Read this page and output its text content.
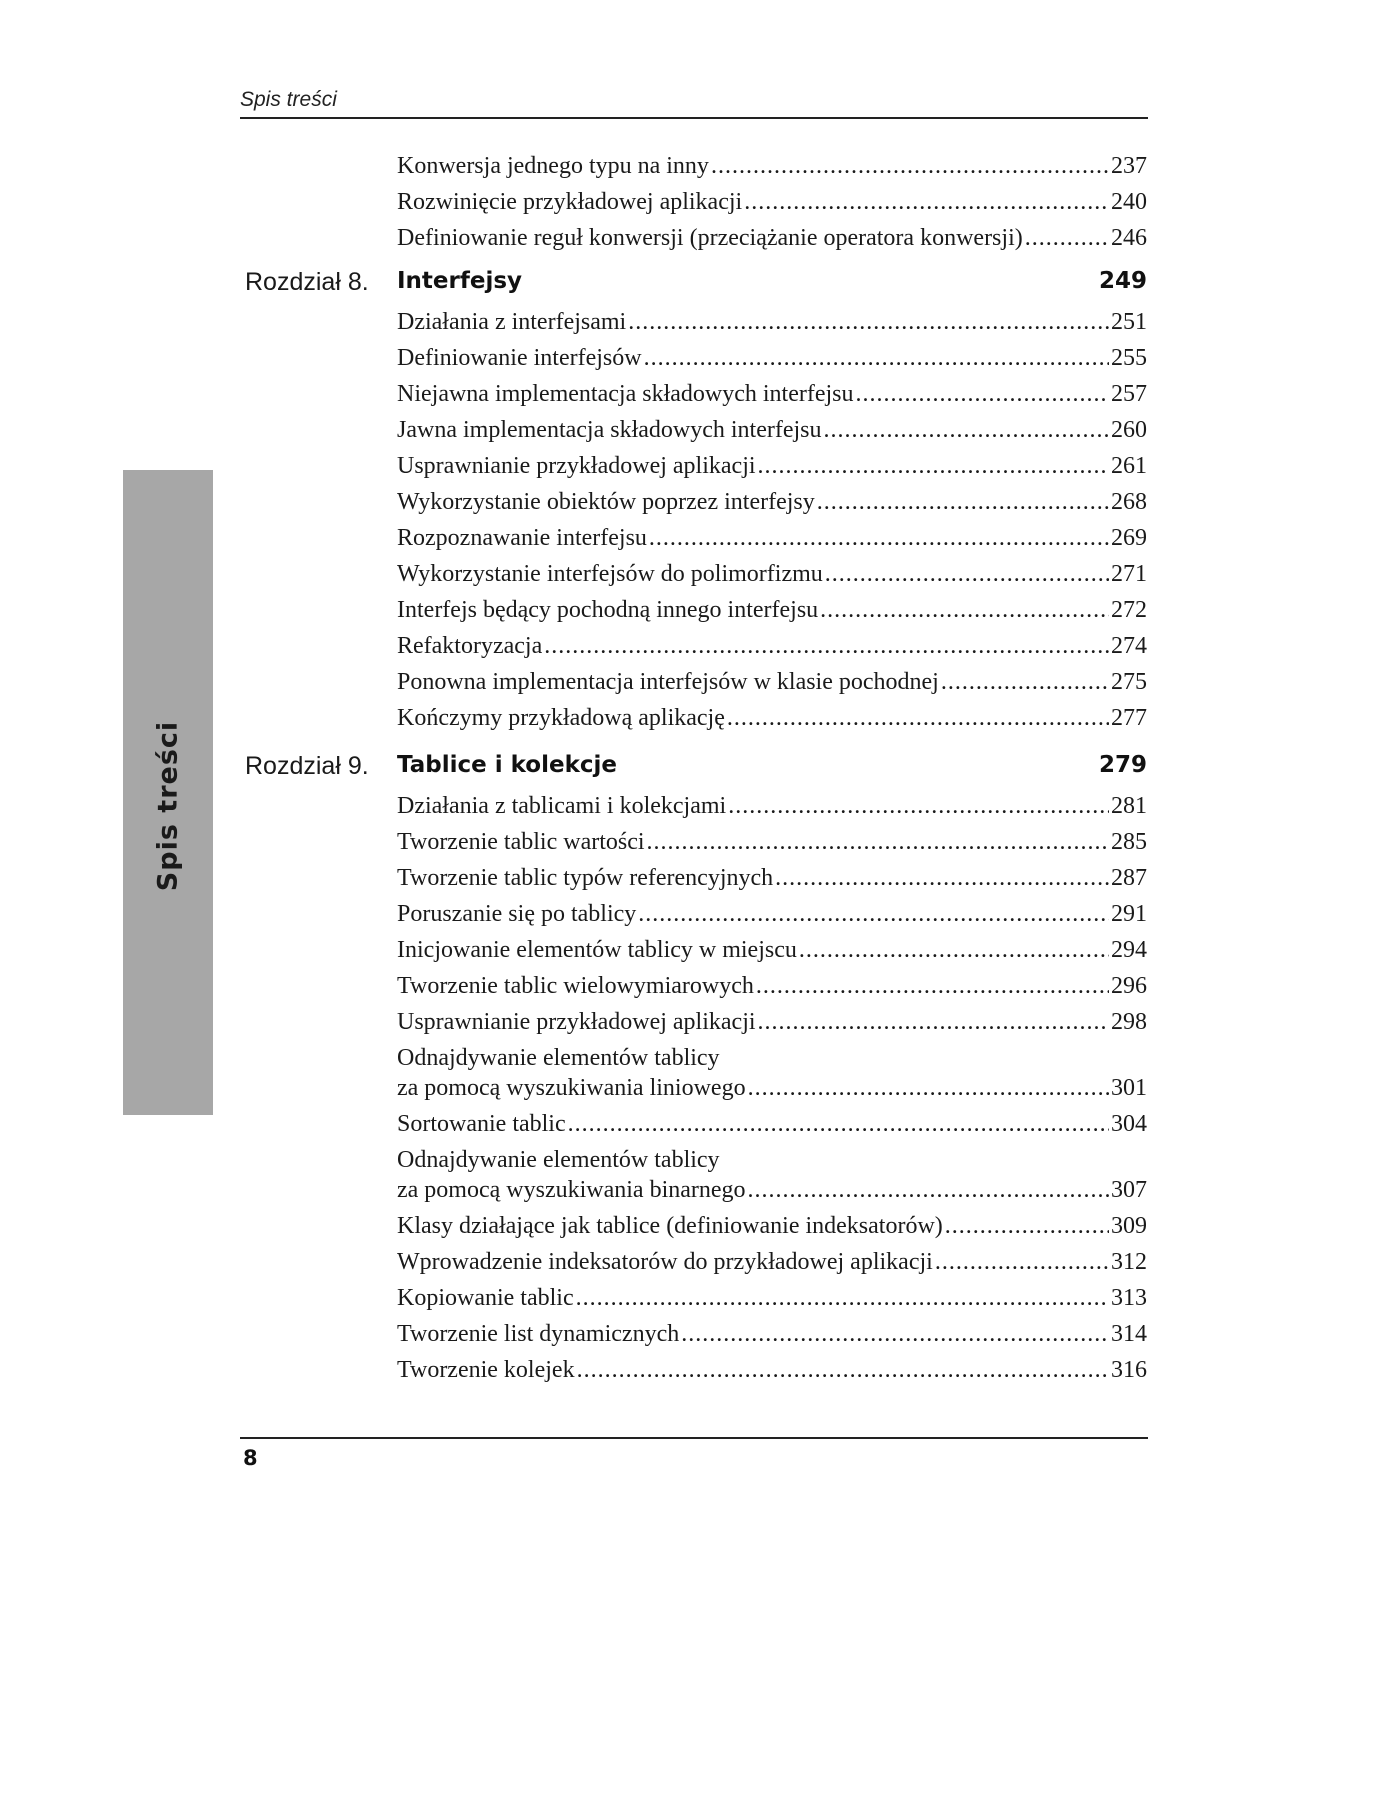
Spis treści
Spis treści
Konwersja jednego typu na inny .....	237
Rozwinięcie przykładowej aplikacji .....	240
Definiowanie reguł konwersji (przeciążanie operatora konwersji) .....	246
Rozdział 8. Interfejsy	249
Działania z interfejsami .....	251
Definiowanie interfejsów .....	255
Niejawna implementacja składowych interfejsu .....	257
Jawna implementacja składowych interfejsu .....	260
Usprawnianie przykładowej aplikacji .....	261
Wykorzystanie obiektów poprzez interfejsy .....	268
Rozpoznawanie interfejsu .....	269
Wykorzystanie interfejsów do polimorfizmu .....	271
Interfejs będący pochodną innego interfejsu .....	272
Refaktoryzacja .....	274
Ponowna implementacja interfejsów w klasie pochodnej .....	275
Kończymy przykładową aplikację .....	277
Rozdział 9. Tablice i kolekcje	279
Działania z tablicami i kolekcjami .....	281
Tworzenie tablic wartości .....	285
Tworzenie tablic typów referencyjnych .....	287
Poruszanie się po tablicy .....	291
Inicjowanie elementów tablicy w miejscu .....	294
Tworzenie tablic wielowymiarowych .....	296
Usprawnianie przykładowej aplikacji .....	298
Odnajdywanie elementów tablicy
za pomocą wyszukiwania liniowego .....	301
Sortowanie tablic .....	304
Odnajdywanie elementów tablicy
za pomocą wyszukiwania binarnego .....	307
Klasy działające jak tablice (definiowanie indeksatorów) .....	309
Wprowadzenie indeksatorów do przykładowej aplikacji .....	312
Kopiowanie tablic .....	313
Tworzenie list dynamicznych .....	314
Tworzenie kolejek .....	316
8
